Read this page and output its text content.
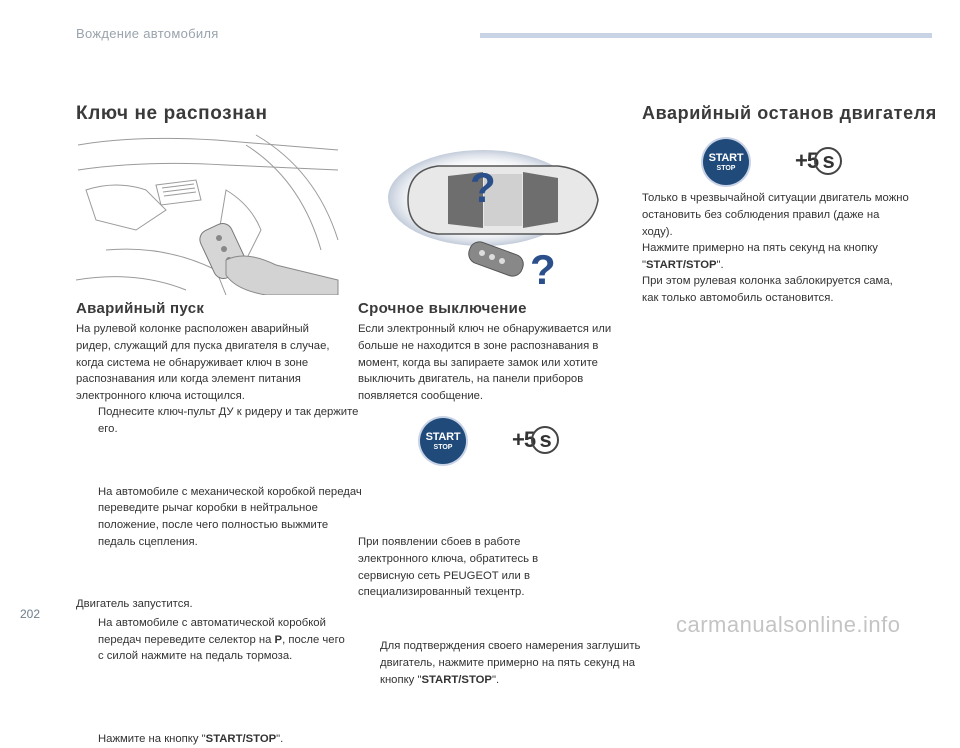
Вождение автомобиля
Ключ не распознан
Аварийный пуск
На рулевой колонке расположен аварийный ридер, служащий для пуска двигателя в случае, когда система не обнаруживает ключ в зоне распознавания или когда элемент питания электронного ключа истощился.
Поднесите ключ-пульт ДУ к ридеру и так держите его.
На автомобиле с механической коробкой передач переведите рычаг коробки в нейтральное положение, после чего полностью выжмите педаль сцепления.
На автомобиле с автоматической коробкой передач переведите селектор на P, после чего с силой нажмите на педаль тормоза.
Нажмите на кнопку "START/STOP".
Двигатель запустится.
?
?
Срочное выключение
Если электронный ключ не обнаруживается или больше не находится в зоне распознавания в момент, когда вы запираете замок или хотите выключить двигатель, на панели приборов появляется сообщение.
START
STOP	+5 s
Для подтверждения своего намерения заглушить двигатель, нажмите примерно на пять секунд на кнопку "START/STOP".
При появлении сбоев в работе электронного ключа, обратитесь в сервисную сеть PEUGEOT или в специализированный техцентр.
Аварийный останов двигателя
START
STOP	+5 s
Только в чрезвычайной ситуации двигатель можно остановить без соблюдения правил (даже на ходу).
Нажмите примерно на пять секунд на кнопку "START/STOP".
При этом рулевая колонка заблокируется сама, как только автомобиль остановится.
202	carmanualsonline.info
